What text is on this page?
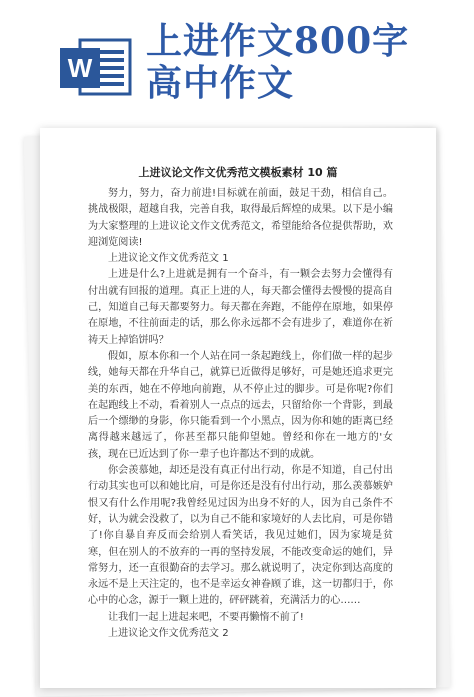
W
上进作文800字
高中作文
上进议论文作文优秀范文模板素材 10 篇

努力，努力，奋力前进!目标就在前面，鼓足干劲，相信自己。挑战极限，超越自我，完善自我，取得最后辉煌的成果。以下是小编为大家整理的上进议论文作文优秀范文，希望能给各位提供帮助，欢迎浏览阅读!

上进议论文作文优秀范文 1

上进是什么?上进就是拥有一个奋斗，有一颗会去努力会懂得有付出就有回报的道理。真正上进的人，每天都会懂得去慢慢的提高自己，知道自己每天都要努力。每天都在奔跑，不能停在原地，如果停在原地，不往前面走的话，那么你永远都不会有进步了，难道你在祈祷天上掉馅饼吗？

假如，原本你和一个人站在同一条起跑线上，你们做一样的起步线，她每天都在升华自己，就算已近做得足够好，可是她还追求更完美的东西，她在不停地向前跑，从不停止过的脚步。可是你呢?你们在起跑线上不动，看着别人一点点的远去，只留给你一个背影，到最后一个缥缈的身影，你只能看到一个小黑点，因为你和她的距离已经离得越来越远了，你甚至都只能仰望她。曾经和你在一地方的'女孩，现在已近达到了你一辈子也许都达不到的成就。

你会羡慕她，却还是没有真正付出行动，你是不知道，自己付出行动其实也可以和她比肩，可是你还是没有付出行动，那么羡慕嫉妒恨又有什么作用呢?我曾经见过因为出身不好的人，因为自己条件不好，认为就会没救了，以为自己不能和家境好的人去比肩，可是你错了!你自暴自弃反而会给别人看笑话，我见过她们，因为家境是贫寒，但在别人的不放弃的一再的坚持发展，不能改变命运的她们，异常努力，还一直很勤奋的去学习。那么就说明了，决定你到达高度的永远不是上天注定的，也不是幸运女神眷顾了谁，这一切都归于，你心中的心念，源于一颗上进的，砰砰跳着，充满活力的心……

让我们一起上进起来吧，不要再懒惰不前了!

上进议论文作文优秀范文 2
